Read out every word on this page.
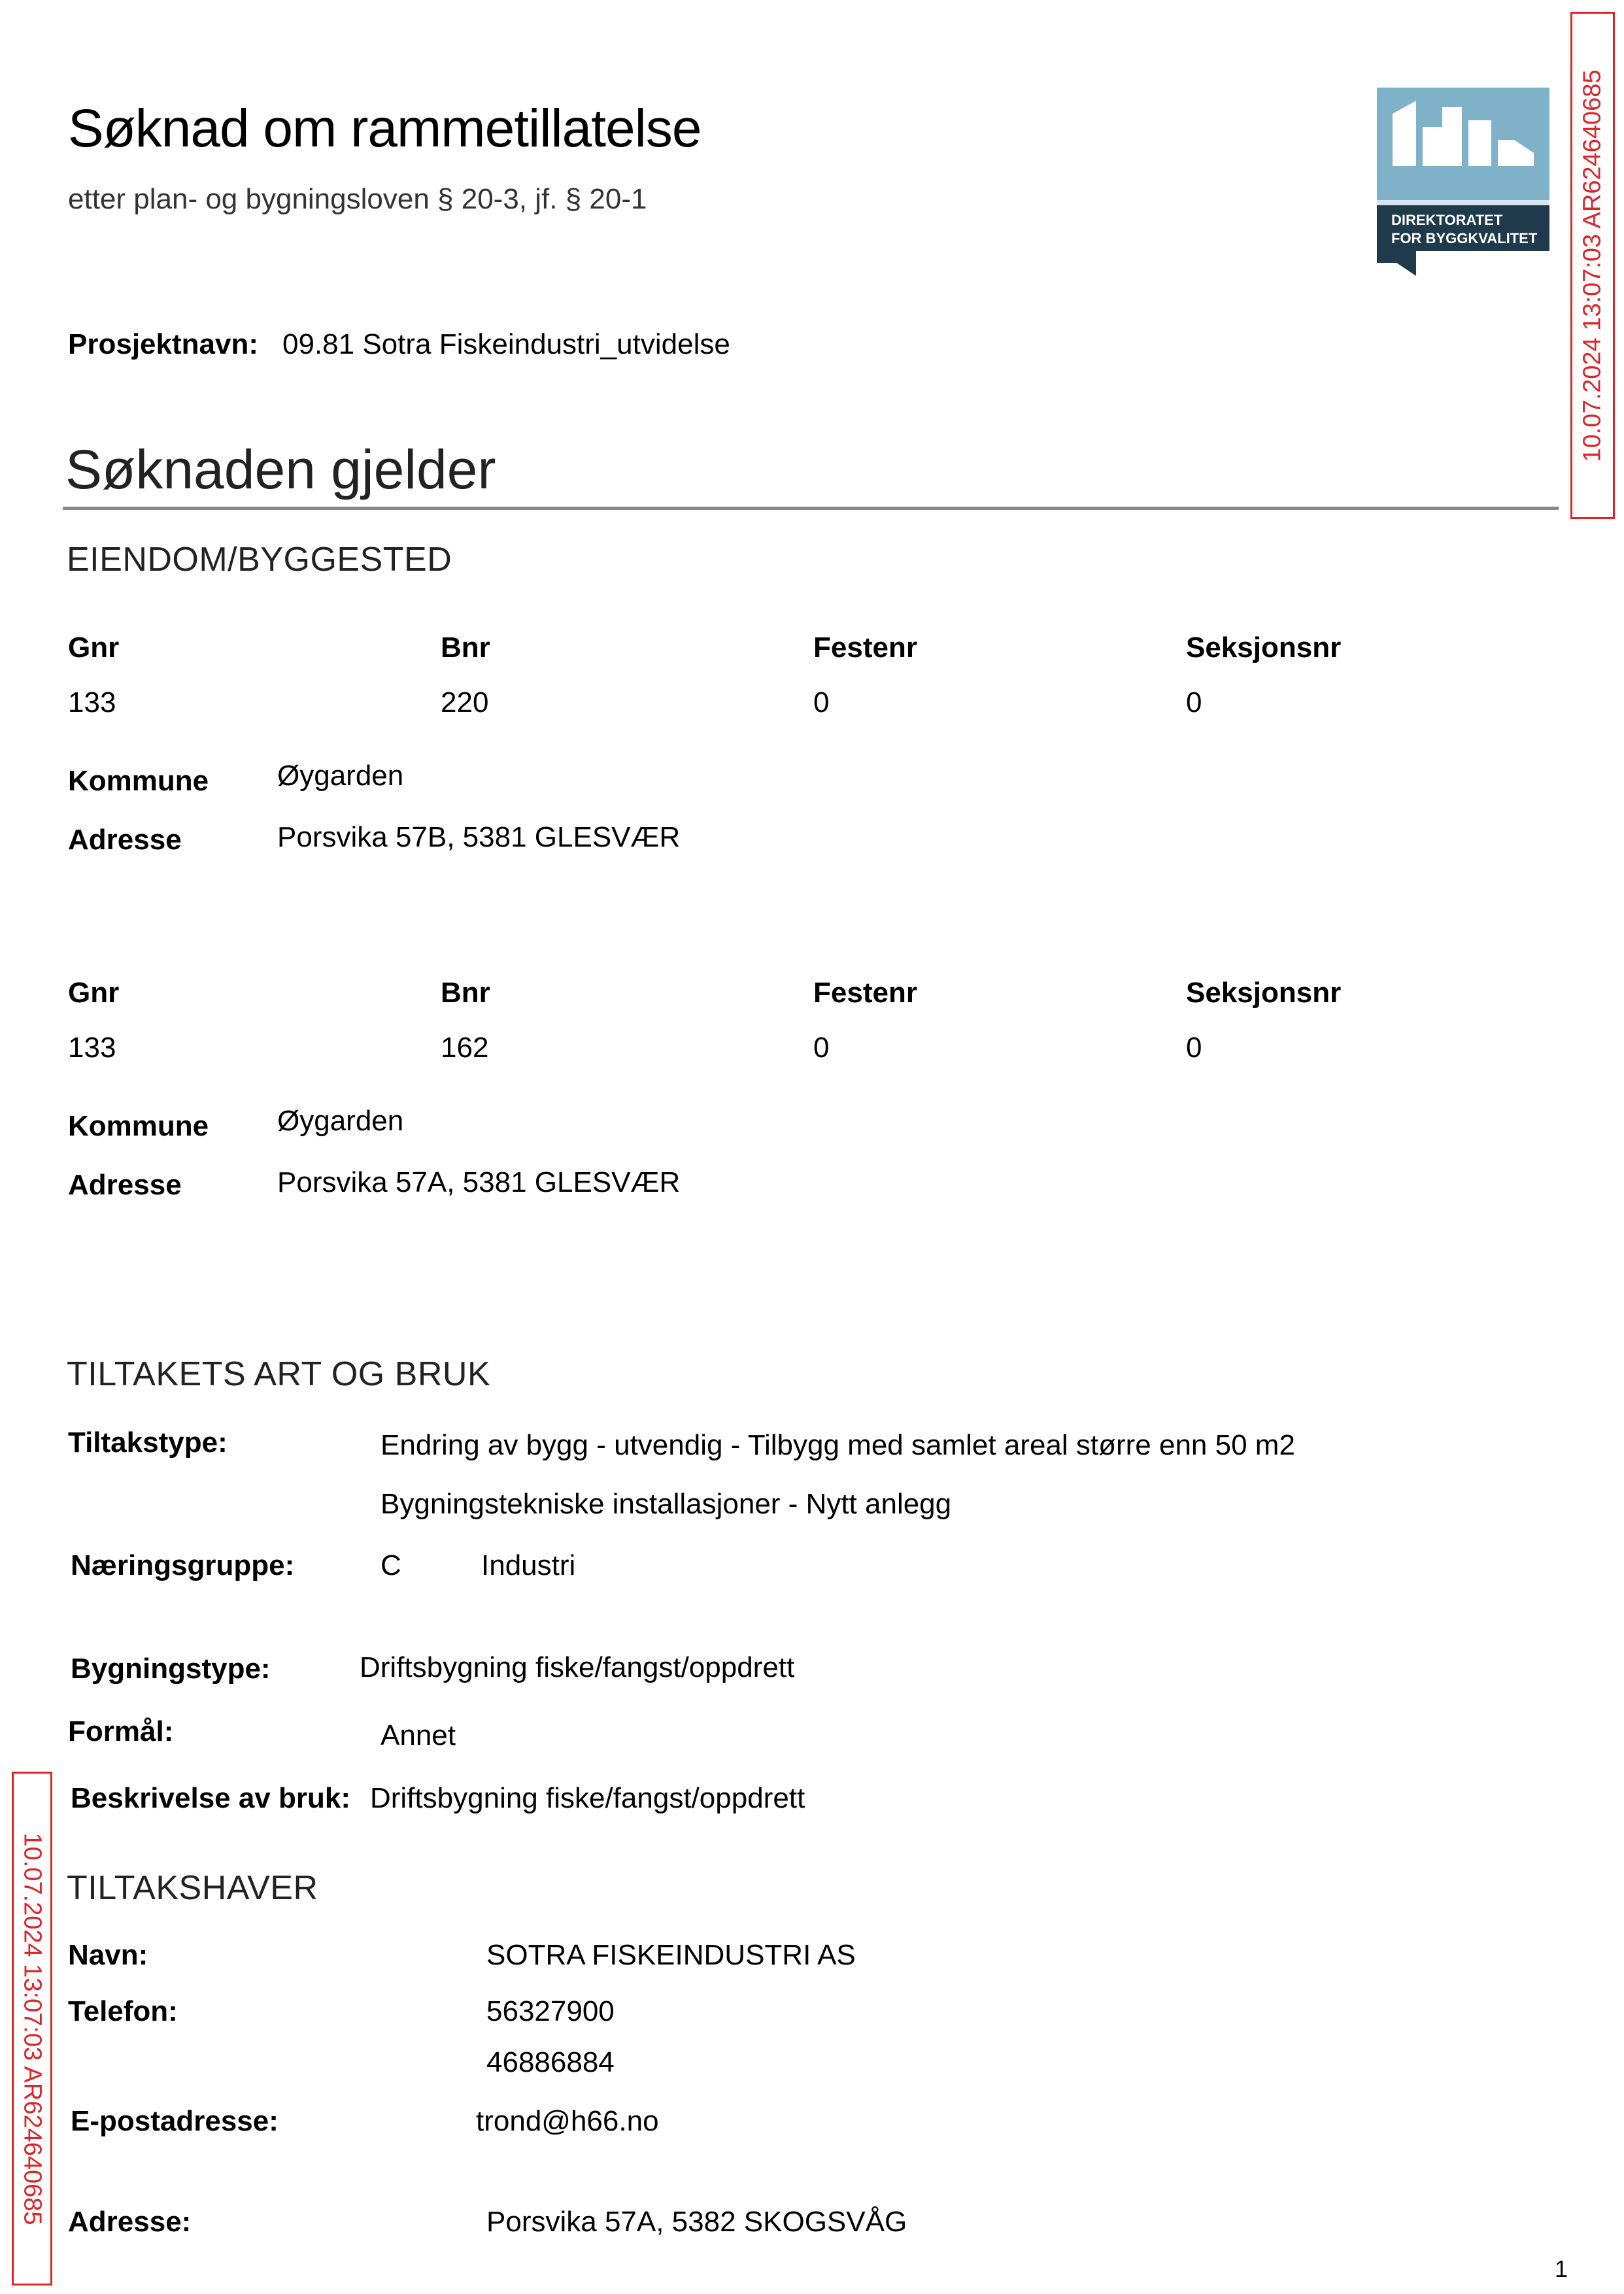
Søknad om rammetillatelse
etter plan- og bygningsloven § 20-3, jf. § 20-1
Prosjektnavn: 09.81 Sotra Fiskeindustri_utvidelse
DIREKTORATET
FOR BYGGKVALITET 10.07.2024 13:07:03 AR624640685
10.07.2024 13:07:03 AR624640685
Søknaden gjelder
EIENDOM/BYGGESTED
Gnr	Bnr	Festenr	Seksjonsnr
133	220	0	0
Kommune Øygarden
Adresse	Porsvika 57B, 5381 GLESVÆR
Gnr	Bnr	Festenr	Seksjonsnr
133	162	0	0
Kommune Øygarden
Adresse	Porsvika 57A, 5381 GLESVÆR
TILTAKETS ART OG BRUK
Tiltakstype:	Endring av bygg - utvendig - Tilbygg med samlet areal større enn 50 m2
Bygningstekniske installasjoner - Nytt anlegg
Næringsgruppe:	C	Industri
Bygningstype:	Driftsbygning fiske/fangst/oppdrett
Formål:	Annet
Beskrivelse av bruk: Driftsbygning fiske/fangst/oppdrett
TILTAKSHAVER
Navn:	SOTRA FISKEINDUSTRI AS
Telefon:	56327900
46886884
E-postadresse:	trond@h66.no
Adresse:	Porsvika 57A, 5382 SKOGSVÅG
1
